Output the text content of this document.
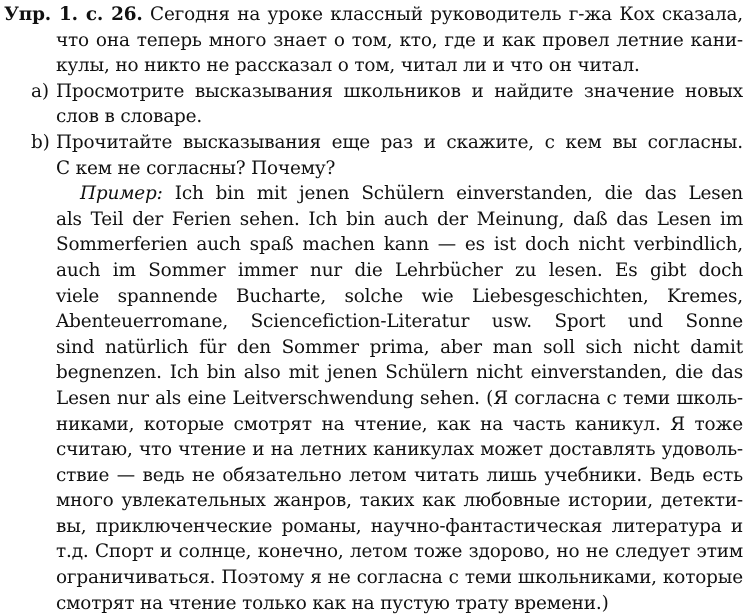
Упр. 1. с. 26. Сегодня на уроке классный руководитель г-жа Кох сказала,
что она теперь много знает о том, кто, где и как провел летние кани-
кулы, но никто не рассказал о том, читал ли и что он читал.
a) Просмотрите высказывания школьников и найдите значение новых
слов в словаре.
b) Прочитайте высказывания еще раз и скажите, с кем вы согласны.
С кем не согласны? Почему?
Пример: Ich bin mit jenen Schülern einverstanden, die das Lesen
als Teil der Ferien sehen. Ich bin auch der Meinung, daß das Lesen im
Sommerferien auch spaß machen kann — es ist doch nicht verbindlich,
auch im Sommer immer nur die Lehrbücher zu lesen. Es gibt doch
viele spannende Bucharte, solche wie Liebesgeschichten, Kremes,
Abenteuerromane, Sciencefiction-Literatur usw. Sport und Sonne
sind natürlich für den Sommer prima, aber man soll sich nicht damit
begnenzen. Ich bin also mit jenen Schülern nicht einverstanden, die das
Lesen nur als eine Leitverschwendung sehen. (Я согласна с теми школь-
никами, которые смотрят на чтение, как на часть каникул. Я тоже
считаю, что чтение и на летних каникулах может доставлять удоволь-
ствие — ведь не обязательно летом читать лишь учебники. Ведь есть
много увлекательных жанров, таких как любовные истории, детекти-
вы, приключенческие романы, научно-фантастическая литература и
т.д. Спорт и солнце, конечно, летом тоже здорово, но не следует этим
ограничиваться. Поэтому я не согласна с теми школьниками, которые
смотрят на чтение только как на пустую трату времени.)
